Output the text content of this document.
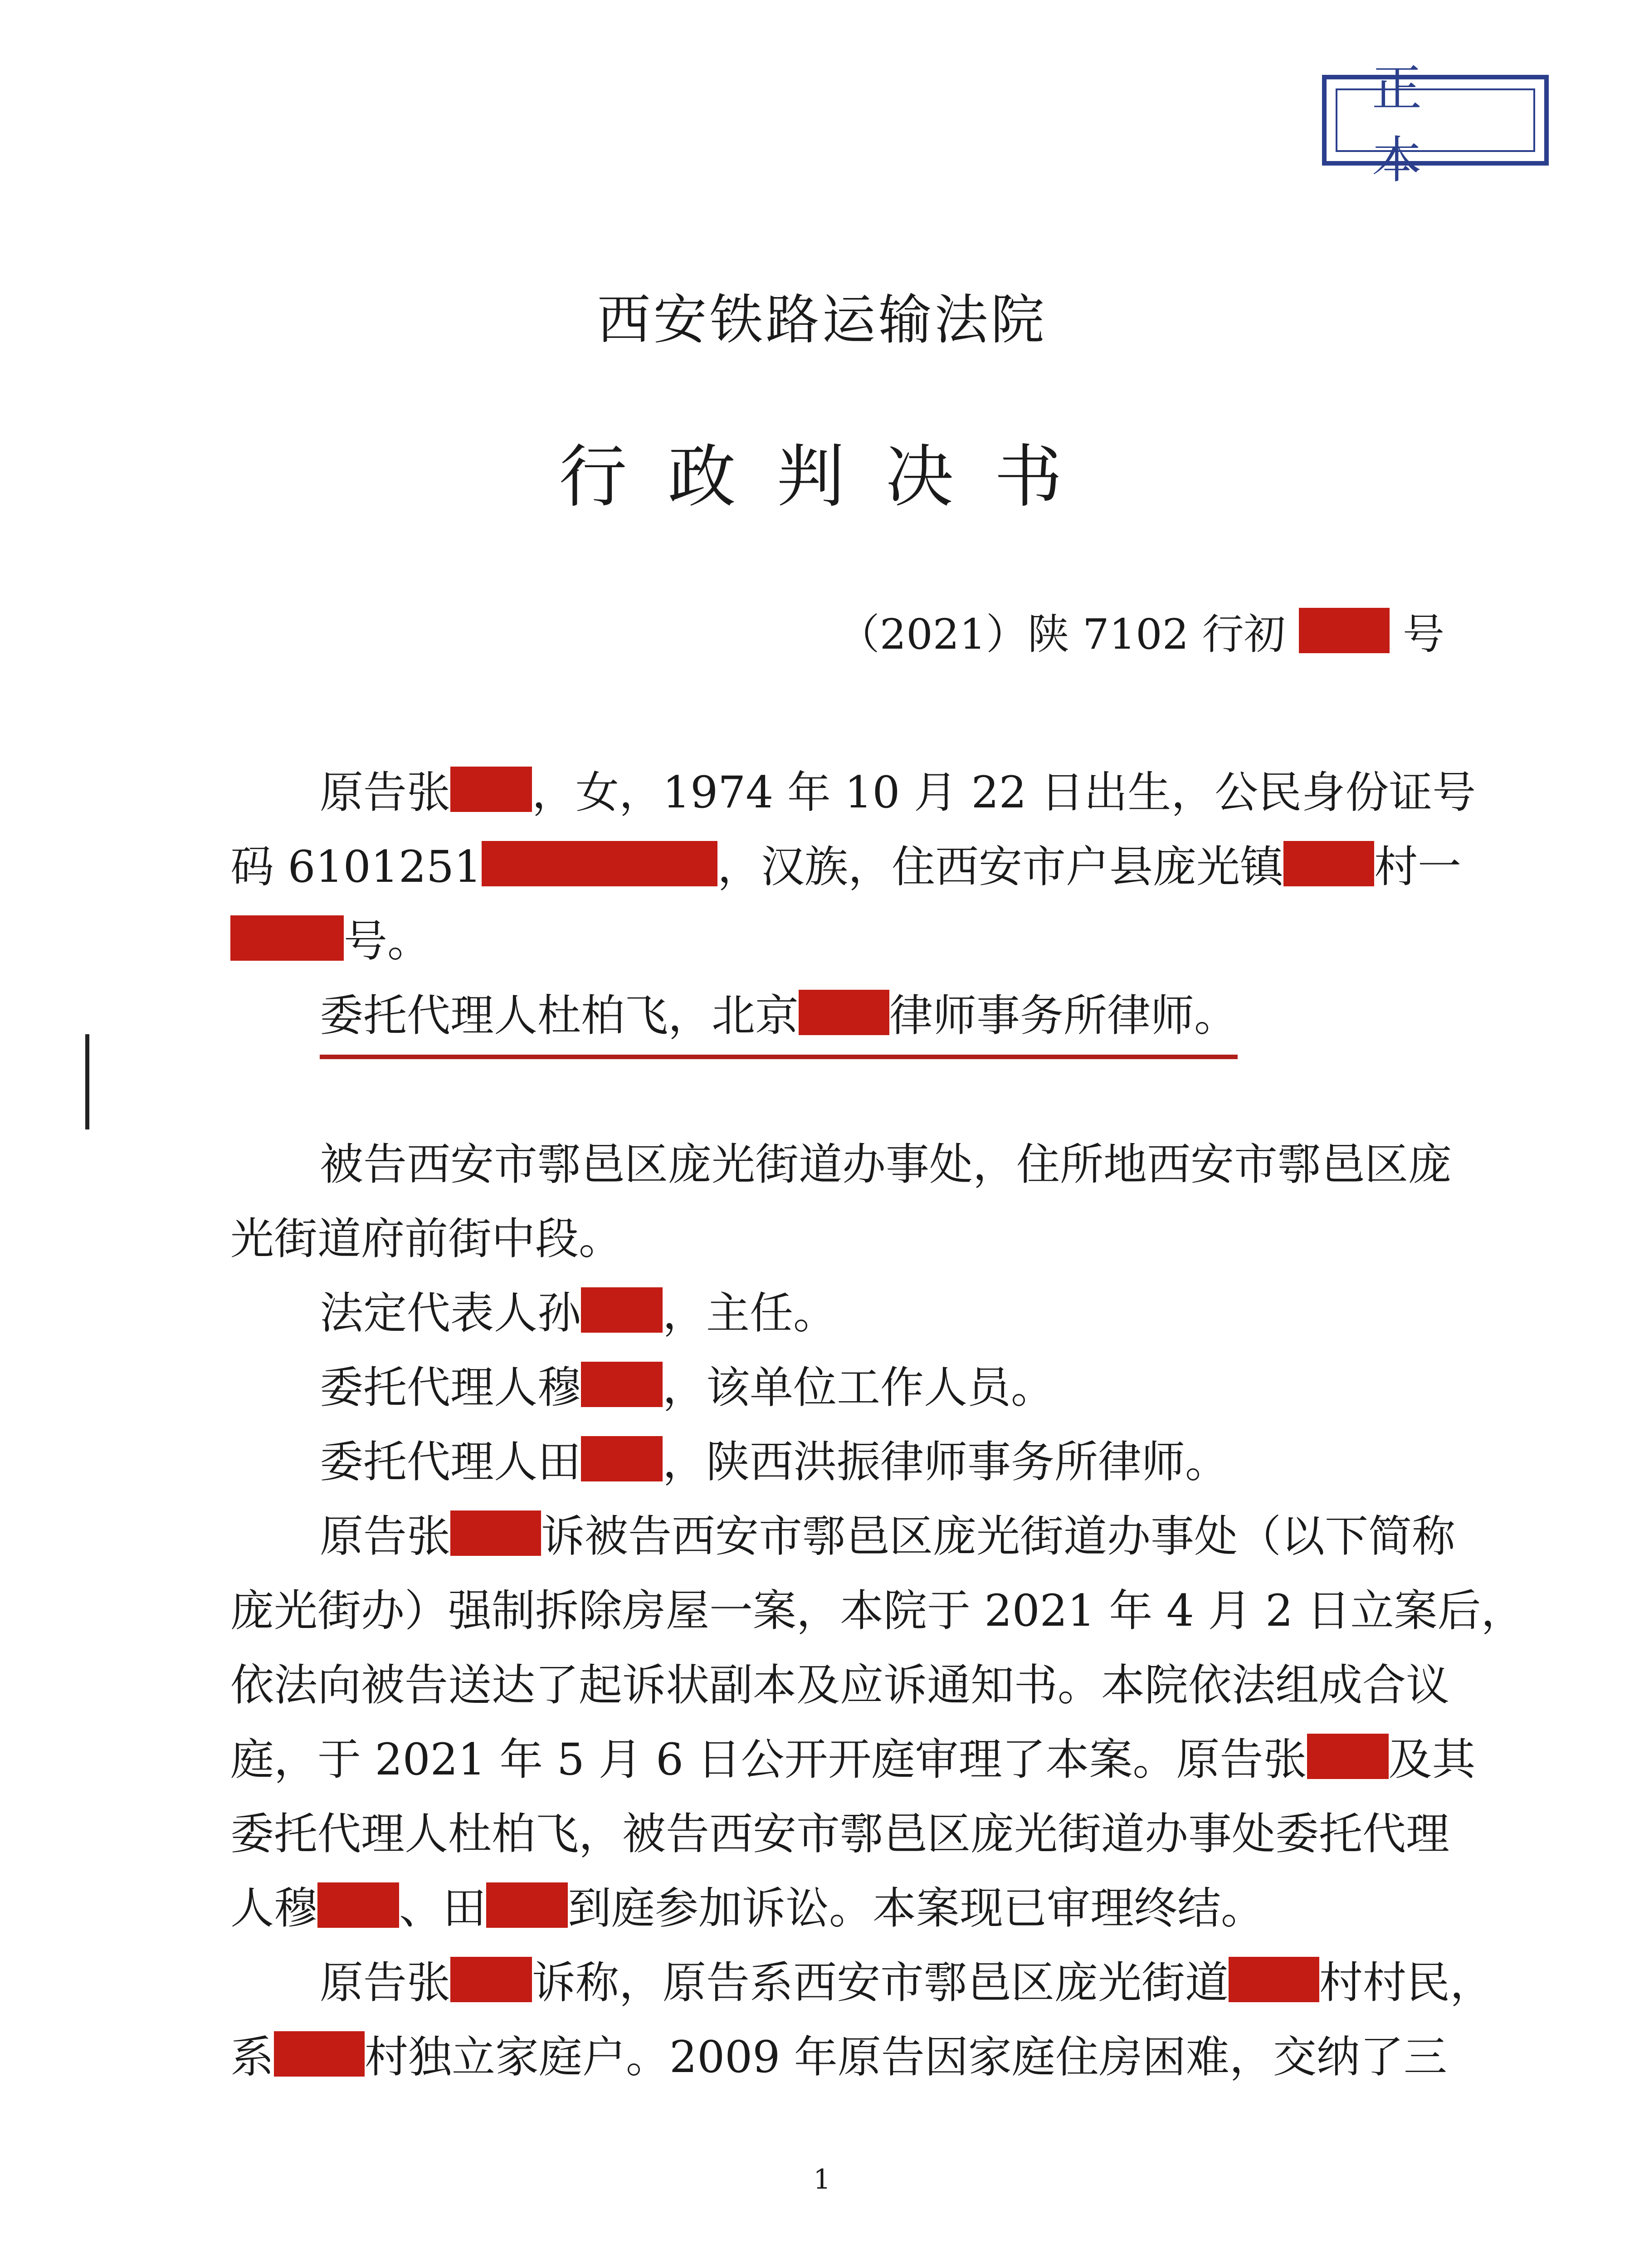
正本
西安铁路运输法院
行政判决书
（2021）陕 7102 行初	号
原告张 ，女，1974 年 10 月 22 日出生，公民身份证号
码 6101251	，汉族，住西安市户县庞光镇 村一
号。
委托代理人杜柏飞，北京 律师事务所律师。
被告西安市鄠邑区庞光街道办事处，住所地西安市鄠邑区庞
光街道府前街中段。
法定代表人孙 ，主任。
委托代理人穆 ，该单位工作人员。
委托代理人田 ，陕西洪振律师事务所律师。
原告张 诉被告西安市鄠邑区庞光街道办事处（以下简称
庞光街办）强制拆除房屋一案，本院于 2021 年 4 月 2 日立案后，
依法向被告送达了起诉状副本及应诉通知书。本院依法组成合议
庭，于 2021 年 5 月 6 日公开开庭审理了本案。原告张 及其
委托代理人杜柏飞，被告西安市鄠邑区庞光街道办事处委托代理
人穆 、田 到庭参加诉讼。本案现已审理终结。
原告张 诉称，原告系西安市鄠邑区庞光街道 村村民，
系 村独立家庭户。2009 年原告因家庭住房困难，交纳了三
1
